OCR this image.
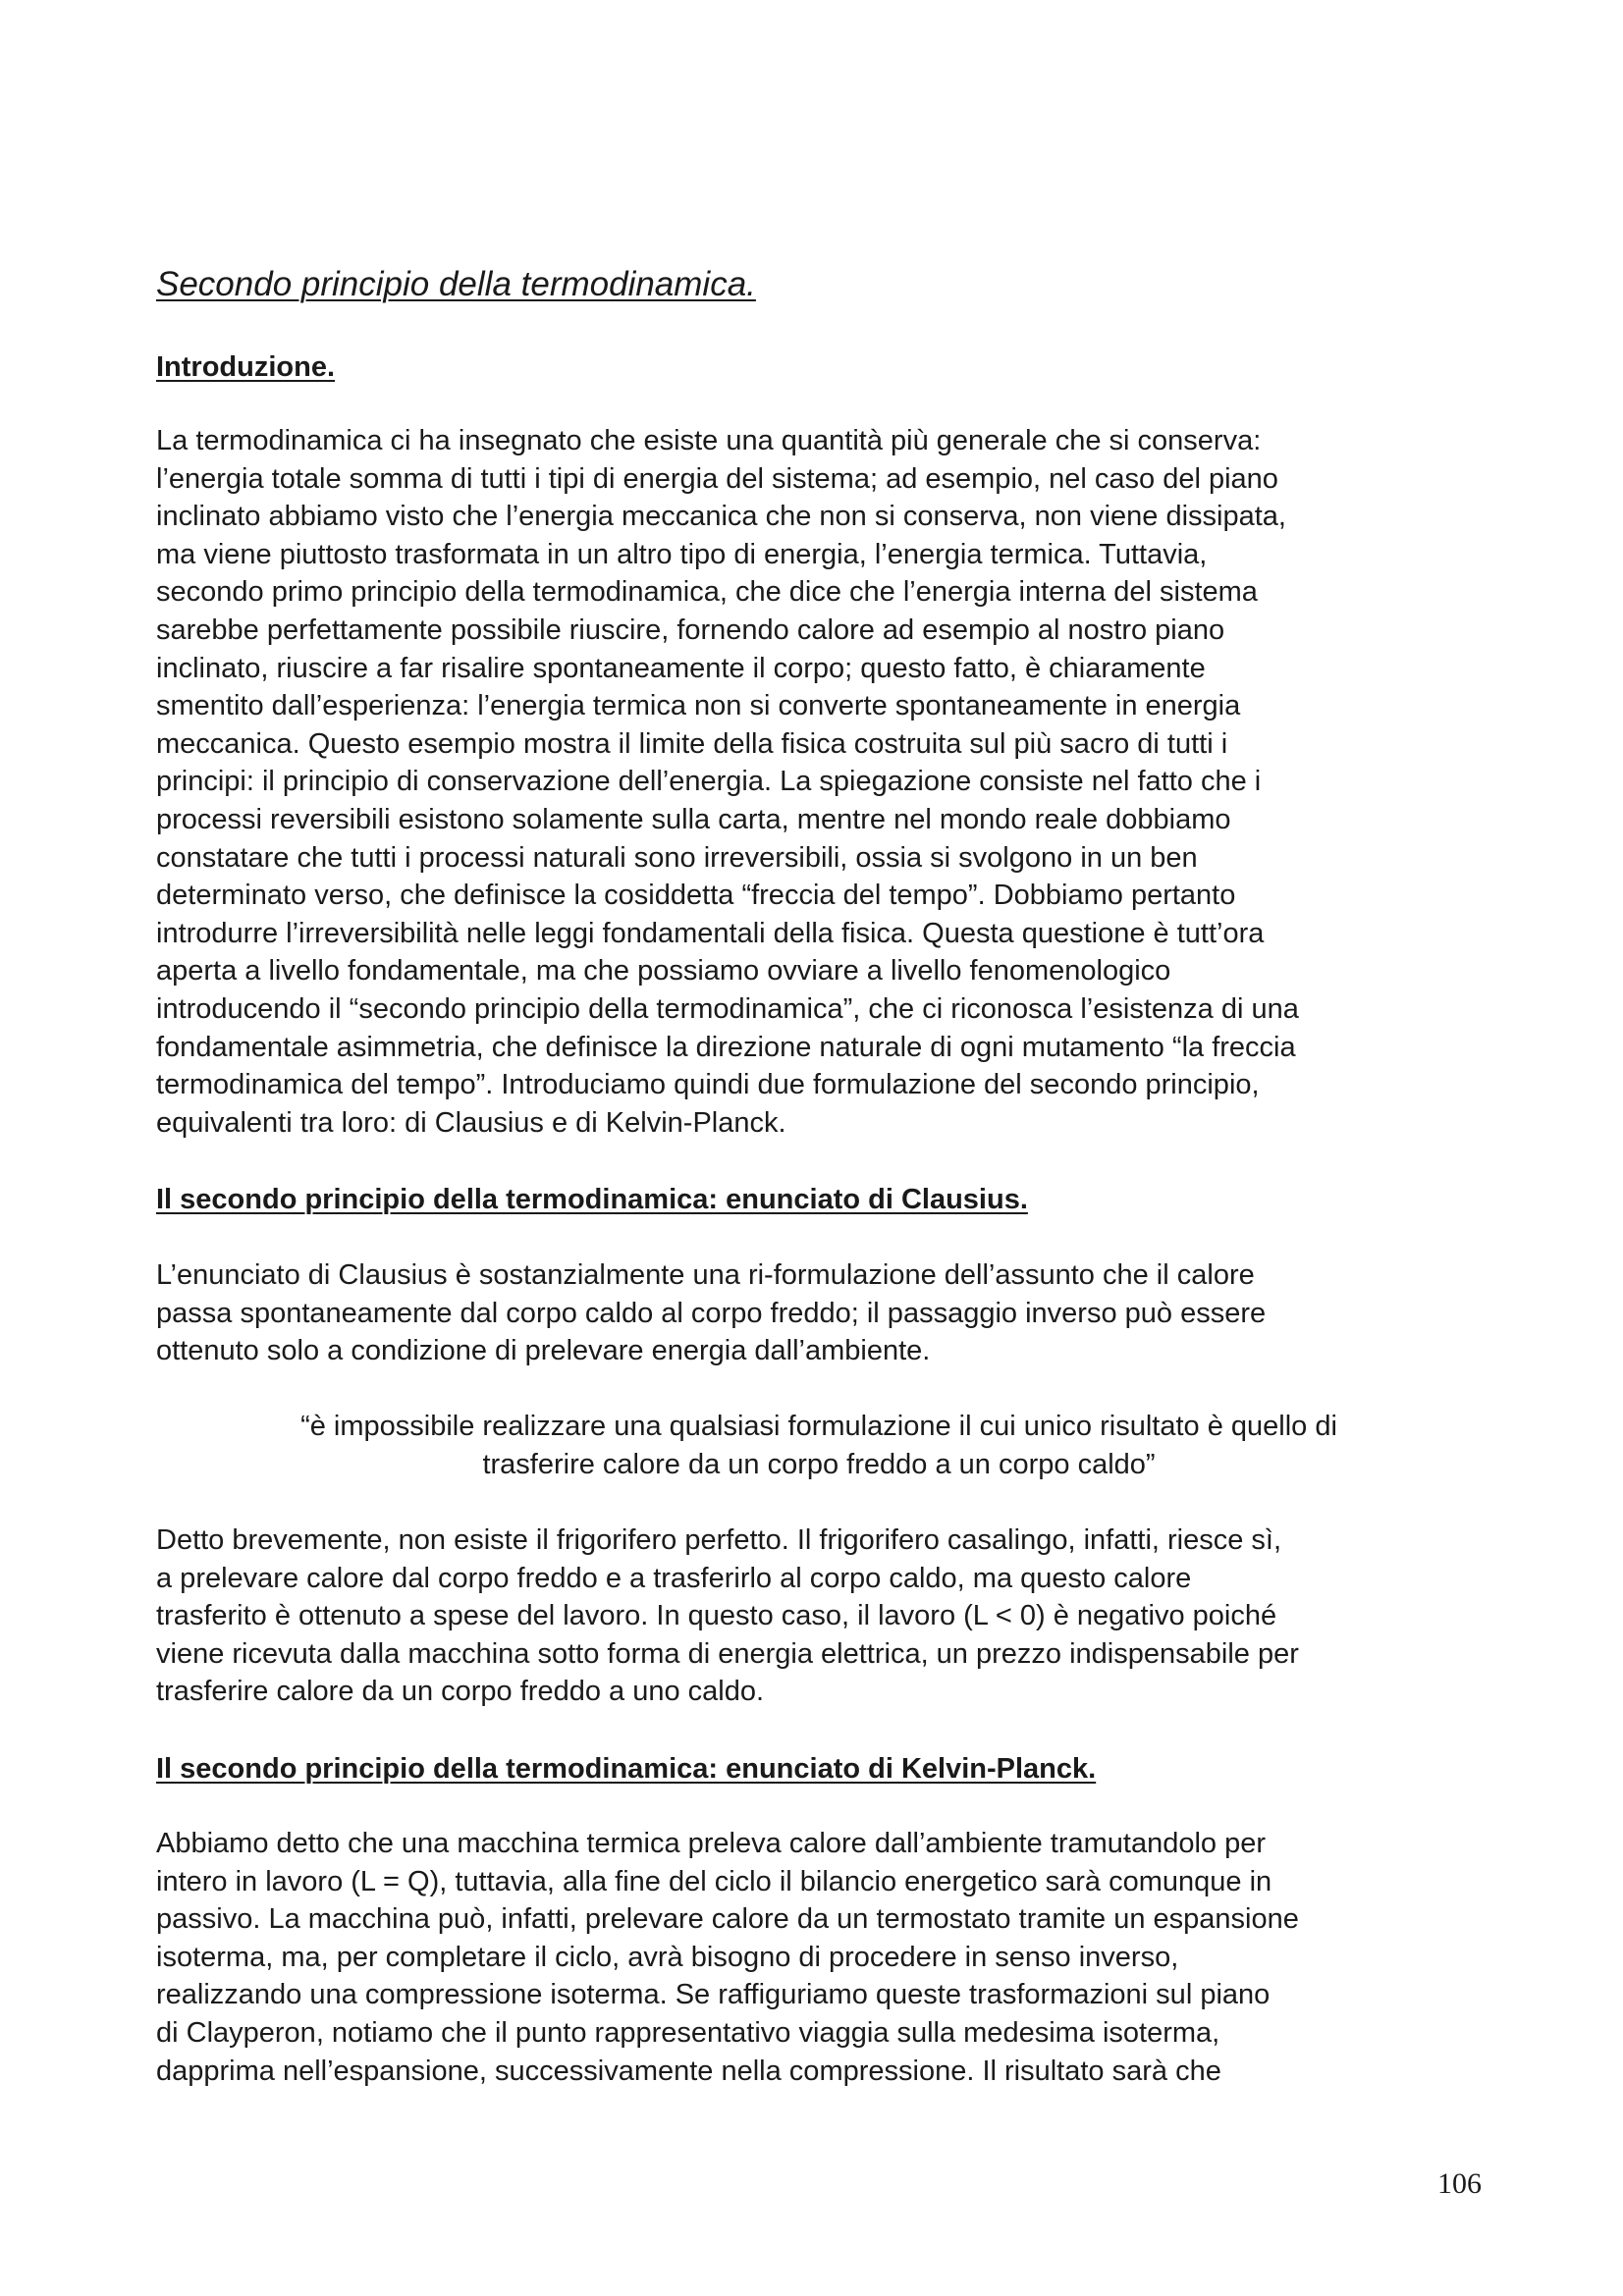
Secondo principio della termodinamica.
Introduzione.

La termodinamica ci ha insegnato che esiste una quantità più generale che si conserva:
l’energia totale somma di tutti i tipi di energia del sistema; ad esempio, nel caso del piano
inclinato abbiamo visto che l’energia meccanica che non si conserva, non viene dissipata,
ma viene piuttosto trasformata in un altro tipo di energia, l’energia termica. Tuttavia,
secondo primo principio della termodinamica, che dice che l’energia interna del sistema
sarebbe perfettamente possibile riuscire, fornendo calore ad esempio al nostro piano
inclinato, riuscire a far risalire spontaneamente il corpo; questo fatto, è chiaramente
smentito dall’esperienza: l’energia termica non si converte spontaneamente in energia
meccanica. Questo esempio mostra il limite della fisica costruita sul più sacro di tutti i
principi: il principio di conservazione dell’energia. La spiegazione consiste nel fatto che i
processi reversibili esistono solamente sulla carta, mentre nel mondo reale dobbiamo
constatare che tutti i processi naturali sono irreversibili, ossia si svolgono in un ben
determinato verso, che definisce la cosiddetta “freccia del tempo”. Dobbiamo pertanto
introdurre l’irreversibilità nelle leggi fondamentali della fisica. Questa questione è tutt’ora
aperta a livello fondamentale, ma che possiamo ovviare a livello fenomenologico
introducendo il “secondo principio della termodinamica”, che ci riconosca l’esistenza di una
fondamentale asimmetria, che definisce la direzione naturale di ogni mutamento “la freccia
termodinamica del tempo”. Introduciamo quindi due formulazione del secondo principio,
equivalenti tra loro: di Clausius e di Kelvin-Planck.

Il secondo principio della termodinamica: enunciato di Clausius.

L’enunciato di Clausius è sostanzialmente una ri-formulazione dell’assunto che il calore
passa spontaneamente dal corpo caldo al corpo freddo; il passaggio inverso può essere
ottenuto solo a condizione di prelevare energia dall’ambiente.

“è impossibile realizzare una qualsiasi formulazione il cui unico risultato è quello di
trasferire calore da un corpo freddo a un corpo caldo”

Detto brevemente, non esiste il frigorifero perfetto. Il frigorifero casalingo, infatti, riesce sì,
a prelevare calore dal corpo freddo e a trasferirlo al corpo caldo, ma questo calore
trasferito è ottenuto a spese del lavoro. In questo caso, il lavoro (L < 0) è negativo poiché
viene ricevuta dalla macchina sotto forma di energia elettrica, un prezzo indispensabile per
trasferire calore da un corpo freddo a uno caldo.

Il secondo principio della termodinamica: enunciato di Kelvin-Planck.

Abbiamo detto che una macchina termica preleva calore dall’ambiente tramutandolo per
intero in lavoro (L = Q), tuttavia, alla fine del ciclo il bilancio energetico sarà comunque in
passivo. La macchina può, infatti, prelevare calore da un termostato tramite un espansione
isoterma, ma, per completare il ciclo, avrà bisogno di procedere in senso inverso,
realizzando una compressione isoterma. Se raffiguriamo queste trasformazioni sul piano
di Clayperon, notiamo che il punto rappresentativo viaggia sulla medesima isoterma,
dapprima nell’espansione, successivamente nella compressione. Il risultato sarà che

106
